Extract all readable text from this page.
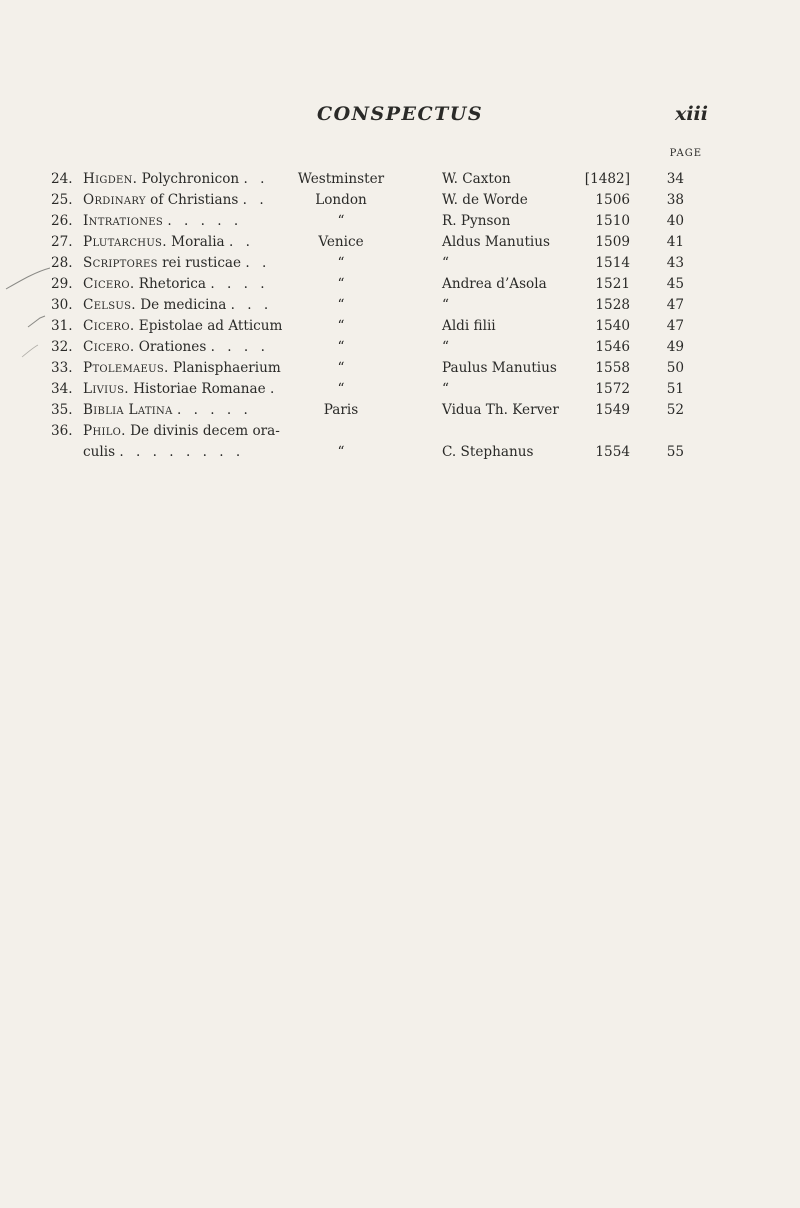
CONSPECTUS	xiii
PAGE
24. Higden. Polychronicon . . Westminster	W. Caxton	[1482]	34
25. Ordinary of Christians . .	London	W. de Worde	1506	38
26. Intrationes . . . . .	“	R. Pynson	1510	40
27. Plutarchus. Moralia . .	Venice	Aldus Manutius	1509	41
28. Scriptores rei rusticae . .	“	“	1514	43
29. Cicero. Rhetorica . . . .	“	Andrea d’Asola	1521	45
30. Celsus. De medicina . . .	“	“	1528	47
31. Cicero. Epistolae ad Atticum	“	Aldi filii	1540	47
32. Cicero. Orationes . . . .	“	“	1546	49
33. Ptolemaeus. Planisphaerium	“	Paulus Manutius	1558	50
34. Livius. Historiae Romanae .	“	“	1572	51
35. Biblia Latina . . . . .	Paris	Vidua Th. Kerver	1549	52
36. Philo. De divinis decem ora-
culis . . . . . . . .	“	C. Stephanus	1554	55
